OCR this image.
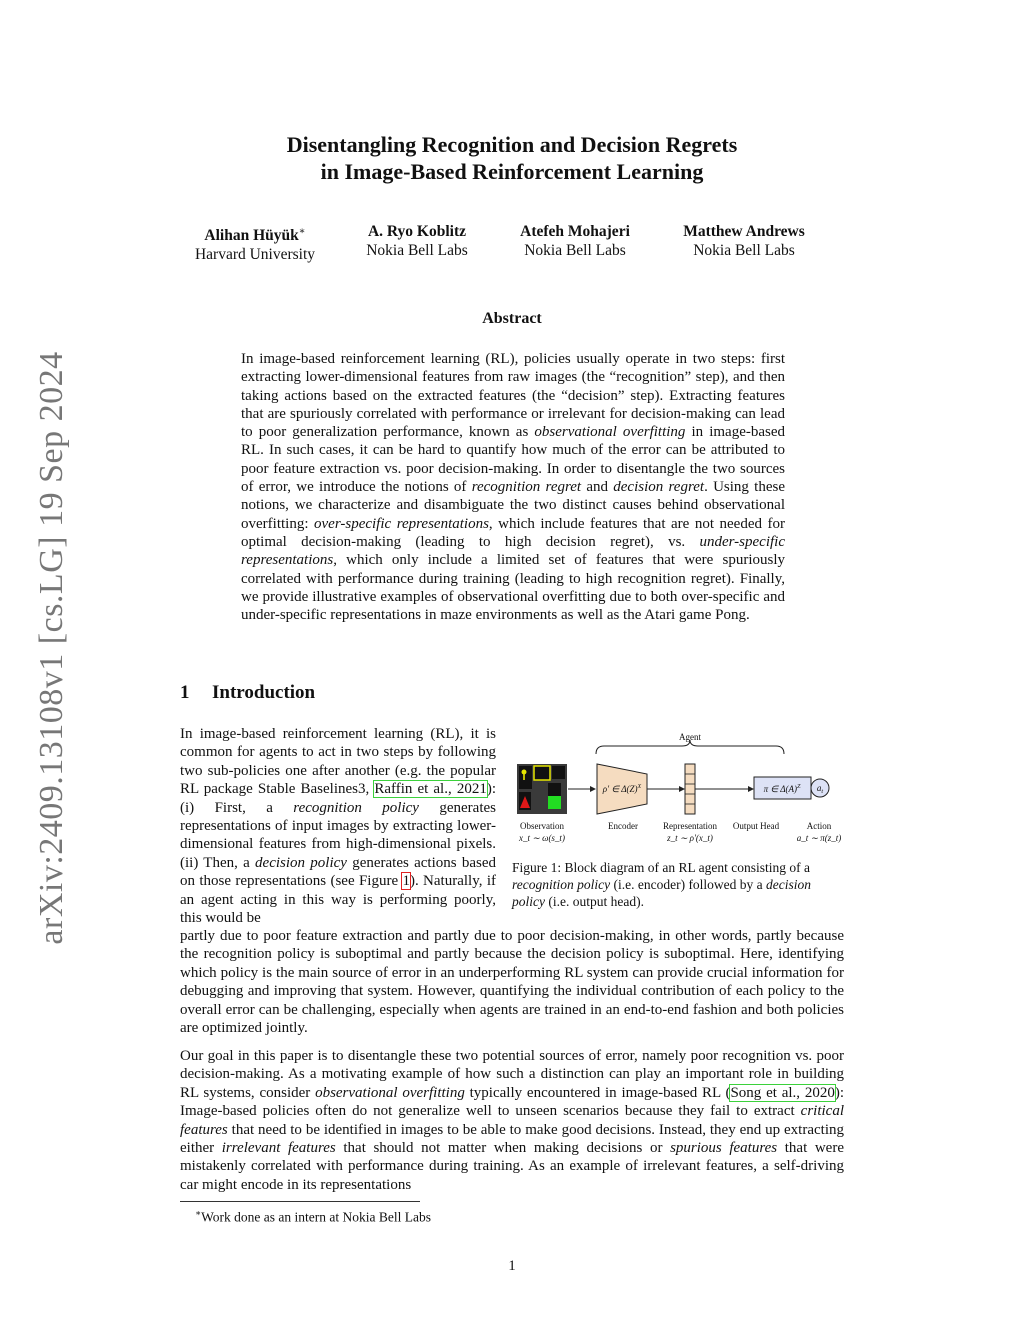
arXiv:2409.13108v1 [cs.LG] 19 Sep 2024
Disentangling Recognition and Decision Regrets
in Image-Based Reinforcement Learning
Alihan Hüyük∗
Harvard University
A. Ryo Koblitz
Nokia Bell Labs
Atefeh Mohajeri
Nokia Bell Labs
Matthew Andrews
Nokia Bell Labs
Abstract
In image-based reinforcement learning (RL), policies usually operate in two steps: first extracting lower-dimensional features from raw images (the “recognition” step), and then taking actions based on the extracted features (the “decision” step). Extracting features that are spuriously correlated with performance or irrelevant for decision-making can lead to poor generalization performance, known as observational overfitting in image-based RL. In such cases, it can be hard to quantify how much of the error can be attributed to poor feature extraction vs. poor decision-making. In order to disentangle the two sources of error, we introduce the notions of recognition regret and decision regret. Using these notions, we characterize and disambiguate the two distinct causes behind observational overfitting: over-specific representations, which include features that are not needed for optimal decision-making (leading to high decision regret), vs. under-specific representations, which only include a limited set of features that were spuriously correlated with performance during training (leading to high recognition regret). Finally, we provide illustrative examples of observational overfitting due to both over-specific and under-specific representations in maze environments as well as the Atari game Pong.
1 Introduction
In image-based reinforcement learning (RL), it is common for agents to act in two steps by following two sub-policies one after another (e.g. the popular RL package Stable Baselines3, Raffin et al., 2021): (i) First, a recognition policy generates representations of input images by extracting lower-dimensional features from high-dimensional pixels. (ii) Then, a decision policy generates actions based on those representations (see Figure 1). Naturally, if an agent acting in this way is performing poorly, this would be
partly due to poor feature extraction and partly due to poor decision-making, in other words, partly because the recognition policy is suboptimal and partly because the decision policy is suboptimal. Here, identifying which policy is the main source of error in an underperforming RL system can provide crucial information for debugging and improving that system. However, quantifying the individual contribution of each policy to the overall error can be challenging, especially when agents are trained in an end-to-end fashion and both policies are optimized jointly.
Our goal in this paper is to disentangle these two potential sources of error, namely poor recognition vs. poor decision-making. As a motivating example of how such a distinction can play an important role in building RL systems, consider observational overfitting typically encountered in image-based RL (Song et al., 2020): Image-based policies often do not generalize well to unseen scenarios because they fail to extract critical features that need to be identified in images to be able to make good decisions. Instead, they end up extracting either irrelevant features that should not matter when making decisions or spurious features that were mistakenly correlated with performance during training. As an example of irrelevant features, a self-driving car might encode in its representations
Agent
ρ′ ∈ $\Delta(Z)^X$	π ∈ $\Delta(A)^Z$ $a_t$
Observation	Encoder	Representation Output Head	Action
x_t ∼ ω(s_t)	z_t ∼ ρ′(x_t)	a_t ∼ π(z_t)
Figure 1: Block diagram of an RL agent consisting of a recognition policy (i.e. encoder) followed by a decision policy (i.e. output head).
∗Work done as an intern at Nokia Bell Labs
1
